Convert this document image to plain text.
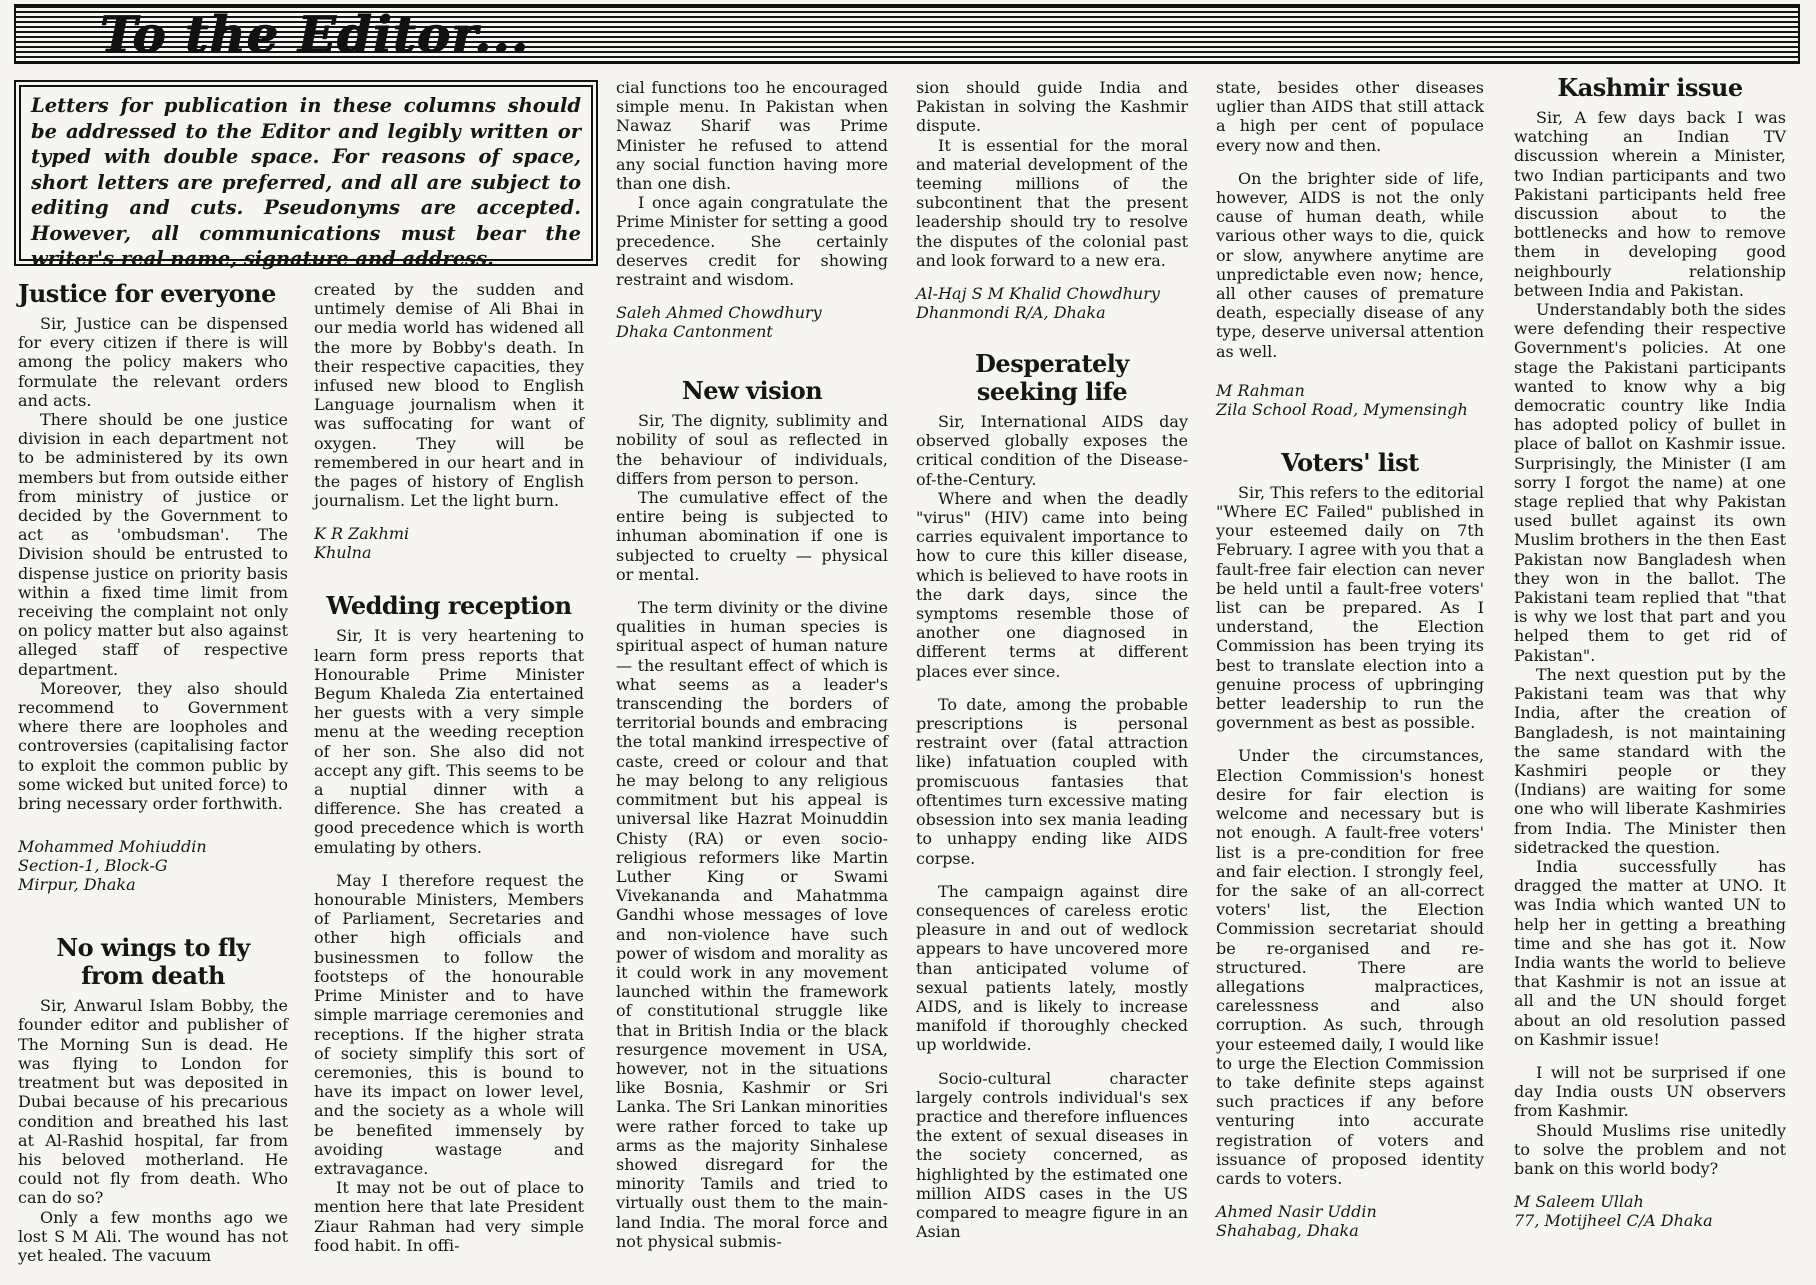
To the Editor...
Letters for publication in these columns should be addressed to the Editor and legibly written or typed with double space. For reasons of space, short letters are preferred, and all are subject to editing and cuts. Pseudonyms are accepted. However, all communications must bear the writer's real name, signature and address.
Justice for everyone

Sir, Justice can be dispensed for every citizen if there is will among the policy makers who formulate the relevant orders and acts.

There should be one justice division in each department not to be administered by its own members but from outside either from ministry of justice or decided by the Government to act as 'ombudsman'. The Division should be entrusted to dispense justice on priority basis within a fixed time limit from receiving the complaint not only on policy matter but also against alleged staff of respective department.

Moreover, they also should recommend to Government where there are loopholes and controversies (capitalising factor to exploit the common public by some wicked but united force) to bring necessary order forthwith.

Mohammed Mohiuddin
Section-1, Block-G
Mirpur, Dhaka
No wings to fly from death

Sir, Anwarul Islam Bobby, the founder editor and publisher of The Morning Sun is dead. He was flying to London for treatment but was deposited in Dubai because of his precarious condition and breathed his last at Al-Rashid hospital, far from his beloved motherland. He could not fly from death. Who can do so?

Only a few months ago we lost S M Ali. The wound has not yet healed. The vacuum

created by the sudden and untimely demise of Ali Bhai in our media world has widened all the more by Bobby's death. In their respective capacities, they infused new blood to English Language journalism when it was suffocating for want of oxygen. They will be remembered in our heart and in the pages of history of English journalism. Let the light burn.

K R Zakhmi
Khulna
Wedding reception

Sir, It is very heartening to learn form press reports that Honourable Prime Minister Begum Khaleda Zia entertained her guests with a very simple menu at the weeding reception of her son. She also did not accept any gift. This seems to be a nuptial dinner with a difference. She has created a good precedence which is worth emulating by others.

May I therefore request the honourable Ministers, Members of Parliament, Secretaries and other high officials and businessmen to follow the footsteps of the honourable Prime Minister and to have simple marriage ceremonies and receptions. If the higher strata of society simplify this sort of ceremonies, this is bound to have its impact on lower level, and the society as a whole will be benefited immensely by avoiding wastage and extravagance.

It may not be out of place to mention here that late President Ziaur Rahman had very simple food habit. In offi-

cial functions too he encouraged simple menu. In Pakistan when Nawaz Sharif was Prime Minister he refused to attend any social function having more than one dish.

I once again congratulate the Prime Minister for setting a good precedence. She certainly deserves credit for showing restraint and wisdom.

Saleh Ahmed Chowdhury
Dhaka Cantonment
New vision

Sir, The dignity, sublimity and nobility of soul as reflected in the behaviour of individuals, differs from person to person.

The cumulative effect of the entire being is subjected to inhuman abomination if one is subjected to cruelty — physical or mental.

The term divinity or the divine qualities in human species is spiritual aspect of human nature — the resultant effect of which is what seems as a leader's transcending the borders of territorial bounds and embracing the total mankind irrespective of caste, creed or colour and that he may belong to any religious commitment but his appeal is universal like Hazrat Moinuddin Chisty (RA) or even socio-religious reformers like Martin Luther King or Swami Vivekananda and Mahatmma Gandhi whose messages of love and non-violence have such power of wisdom and morality as it could work in any movement launched within the framework of constitutional struggle like that in British India or the black resurgence movement in USA, however, not in the situations like Bosnia, Kashmir or Sri Lanka. The Sri Lankan minorities were rather forced to take up arms as the majority Sinhalese showed disregard for the minority Tamils and tried to virtually oust them to the main-land India. The moral force and not physical submis-

sion should guide India and Pakistan in solving the Kashmir dispute.

It is essential for the moral and material development of the teeming millions of the subcontinent that the present leadership should try to resolve the disputes of the colonial past and look forward to a new era.

Al-Haj S M Khalid Chowdhury
Dhanmondi R/A, Dhaka
Desperately seeking life

Sir, International AIDS day observed globally exposes the critical condition of the Disease-of-the-Century.

Where and when the deadly "virus" (HIV) came into being carries equivalent importance to how to cure this killer disease, which is believed to have roots in the dark days, since the symptoms resemble those of another one diagnosed in different terms at different places ever since.

To date, among the probable prescriptions is personal restraint over (fatal attraction like) infatuation coupled with promiscuous fantasies that oftentimes turn excessive mating obsession into sex mania leading to unhappy ending like AIDS corpse.

The campaign against dire consequences of careless erotic pleasure in and out of wedlock appears to have uncovered more than anticipated volume of sexual patients lately, mostly AIDS, and is likely to increase manifold if thoroughly checked up worldwide.

Socio-cultural character largely controls individual's sex practice and therefore influences the extent of sexual diseases in the society concerned, as highlighted by the estimated one million AIDS cases in the US compared to meagre figure in an Asian

state, besides other diseases uglier than AIDS that still attack a high per cent of populace every now and then.

On the brighter side of life, however, AIDS is not the only cause of human death, while various other ways to die, quick or slow, anywhere anytime are unpredictable even now; hence, all other causes of premature death, especially disease of any type, deserve universal attention as well.

M Rahman
Zila School Road, Mymensingh
Voters' list

Sir, This refers to the editorial "Where EC Failed" published in your esteemed daily on 7th February. I agree with you that a fault-free fair election can never be held until a fault-free voters' list can be prepared. As I understand, the Election Commission has been trying its best to translate election into a genuine process of upbringing better leadership to run the government as best as possible.

Under the circumstances, Election Commission's honest desire for fair election is welcome and necessary but is not enough. A fault-free voters' list is a pre-condition for free and fair election. I strongly feel, for the sake of an all-correct voters' list, the Election Commission secretariat should be re-organised and re-structured. There are allegations malpractices, carelessness and also corruption. As such, through your esteemed daily, I would like to urge the Election Commission to take definite steps against such practices if any before venturing into accurate registration of voters and issuance of proposed identity cards to voters.

Ahmed Nasir Uddin
Shahabag, Dhaka
Kashmir issue

Sir, A few days back I was watching an Indian TV discussion wherein a Minister, two Indian participants and two Pakistani participants held free discussion about to the bottlenecks and how to remove them in developing good neighbourly relationship between India and Pakistan.

Understandably both the sides were defending their respective Government's policies. At one stage the Pakistani participants wanted to know why a big democratic country like India has adopted policy of bullet in place of ballot on Kashmir issue. Surprisingly, the Minister (I am sorry I forgot the name) at one stage replied that why Pakistan used bullet against its own Muslim brothers in the then East Pakistan now Bangladesh when they won in the ballot. The Pakistani team replied that "that is why we lost that part and you helped them to get rid of Pakistan".

The next question put by the Pakistani team was that why India, after the creation of Bangladesh, is not maintaining the same standard with the Kashmiri people or they (Indians) are waiting for some one who will liberate Kashmiries from India. The Minister then sidetracked the question.

India successfully has dragged the matter at UNO. It was India which wanted UN to help her in getting a breathing time and she has got it. Now India wants the world to believe that Kashmir is not an issue at all and the UN should forget about an old resolution passed on Kashmir issue!

I will not be surprised if one day India ousts UN observers from Kashmir.

Should Muslims rise unitedly to solve the problem and not bank on this world body?

M Saleem Ullah
77, Motijheel C/A Dhaka
